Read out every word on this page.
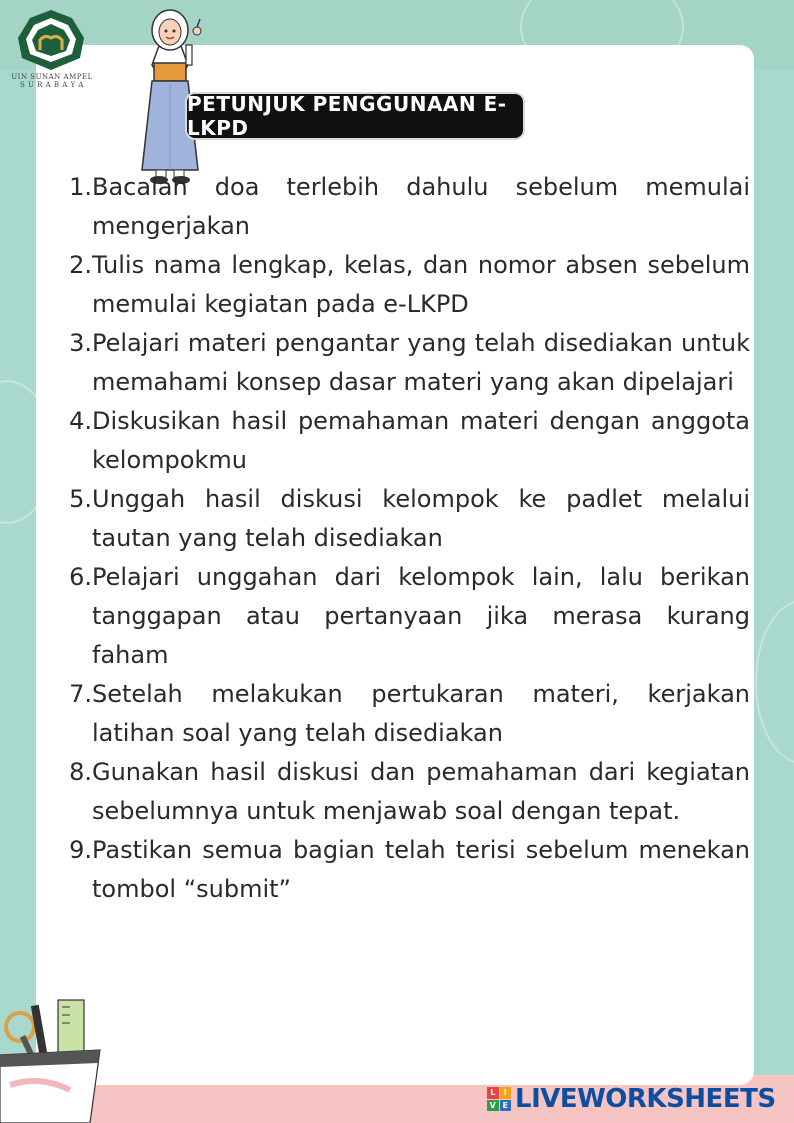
UIN SUNAN AMPEL
S U R A B A Y A
PETUNJUK PENGGUNAAN E-LKPD
1. Bacalah doa terlebih dahulu sebelum memulai mengerjakan
2. Tulis nama lengkap, kelas, dan nomor absen sebelum memulai kegiatan pada e-LKPD
3. Pelajari materi pengantar yang telah disediakan untuk memahami konsep dasar materi yang akan dipelajari
4. Diskusikan hasil pemahaman materi dengan anggota kelompokmu
5. Unggah hasil diskusi kelompok ke padlet melalui tautan yang telah disediakan
6. Pelajari unggahan dari kelompok lain, lalu berikan tanggapan atau pertanyaan jika merasa kurang faham
7. Setelah melakukan pertukaran materi, kerjakan latihan soal yang telah disediakan
8. Gunakan hasil diskusi dan pemahaman dari kegiatan sebelumnya untuk menjawab soal dengan tepat.
9. Pastikan semua bagian telah terisi sebelum menekan tombol “submit”
L	I
V E LIVEWORKSHEETS
